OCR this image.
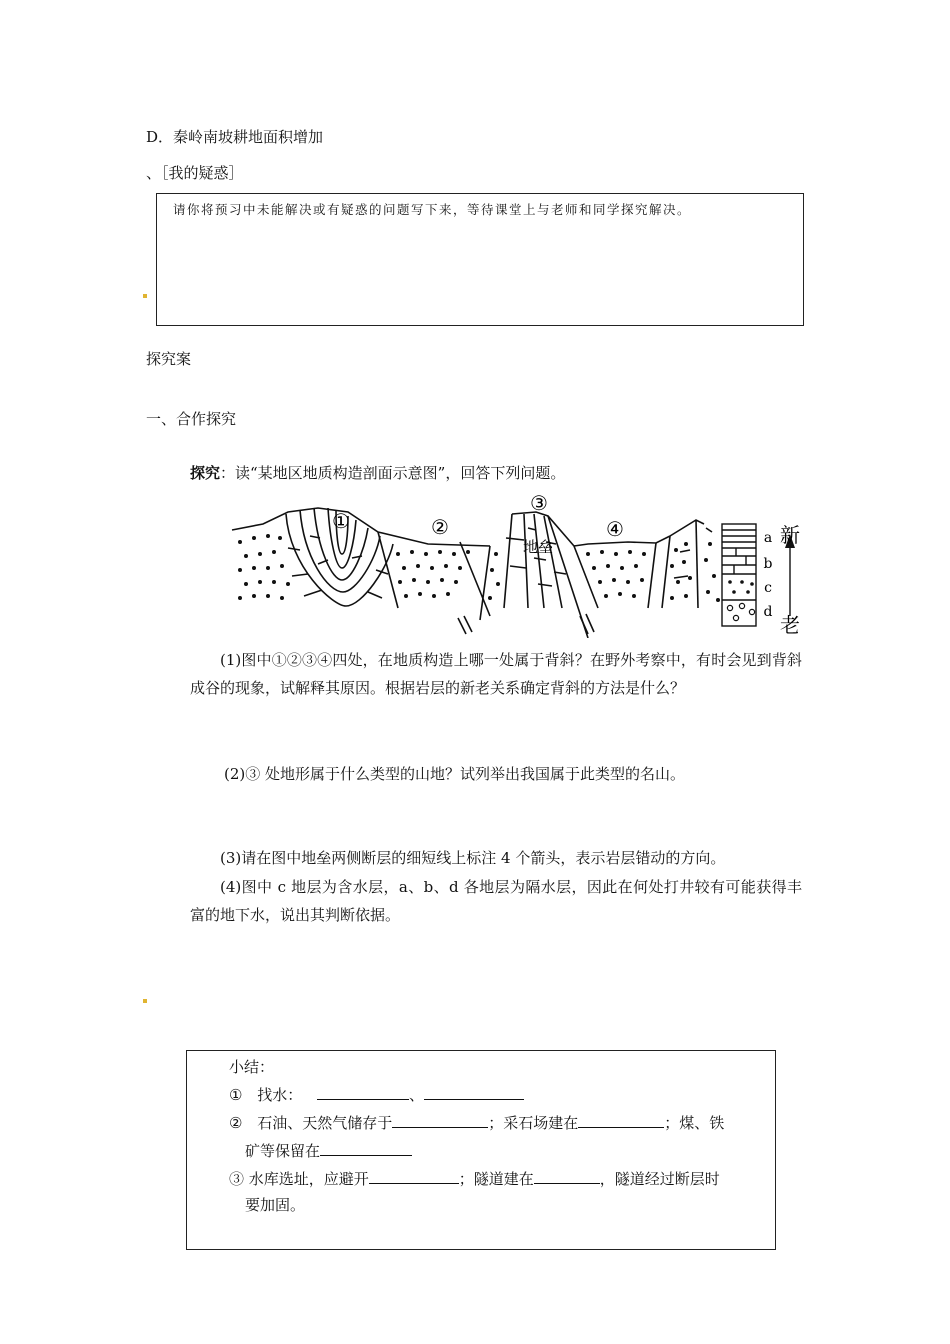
D．秦岭南坡耕地面积增加
、［我的疑惑］
请你将预习中未能解决或有疑惑的问题写下来，等待课堂上与老师和同学探究解决。
探究案
一、合作探究
探究：读“某地区地质构造剖面示意图”，回答下列问题。
①	②
③
④
地垒	a
b
c
d
新
老
(1)图中①②③④四处，在地质构造上哪一处属于背斜？在野外考察中，有时会见到背斜成谷的现象，试解释其原因。根据岩层的新老关系确定背斜的方法是什么？
(2)③ 处地形属于什么类型的山地？试列举出我国属于此类型的名山。
(3)请在图中地垒两侧断层的细短线上标注 4 个箭头，表示岩层错动的方向。
(4)图中 c 地层为含水层，a、b、d 各地层为隔水层，因此在何处打井较有可能获得丰富的地下水，说出其判断依据。
小结：
① 找水：	、
② 石油、天然气储存于	；采石场建在	；煤、铁
矿等保留在
③ 水库选址，应避开	；隧道建在	，隧道经过断层时
要加固。
